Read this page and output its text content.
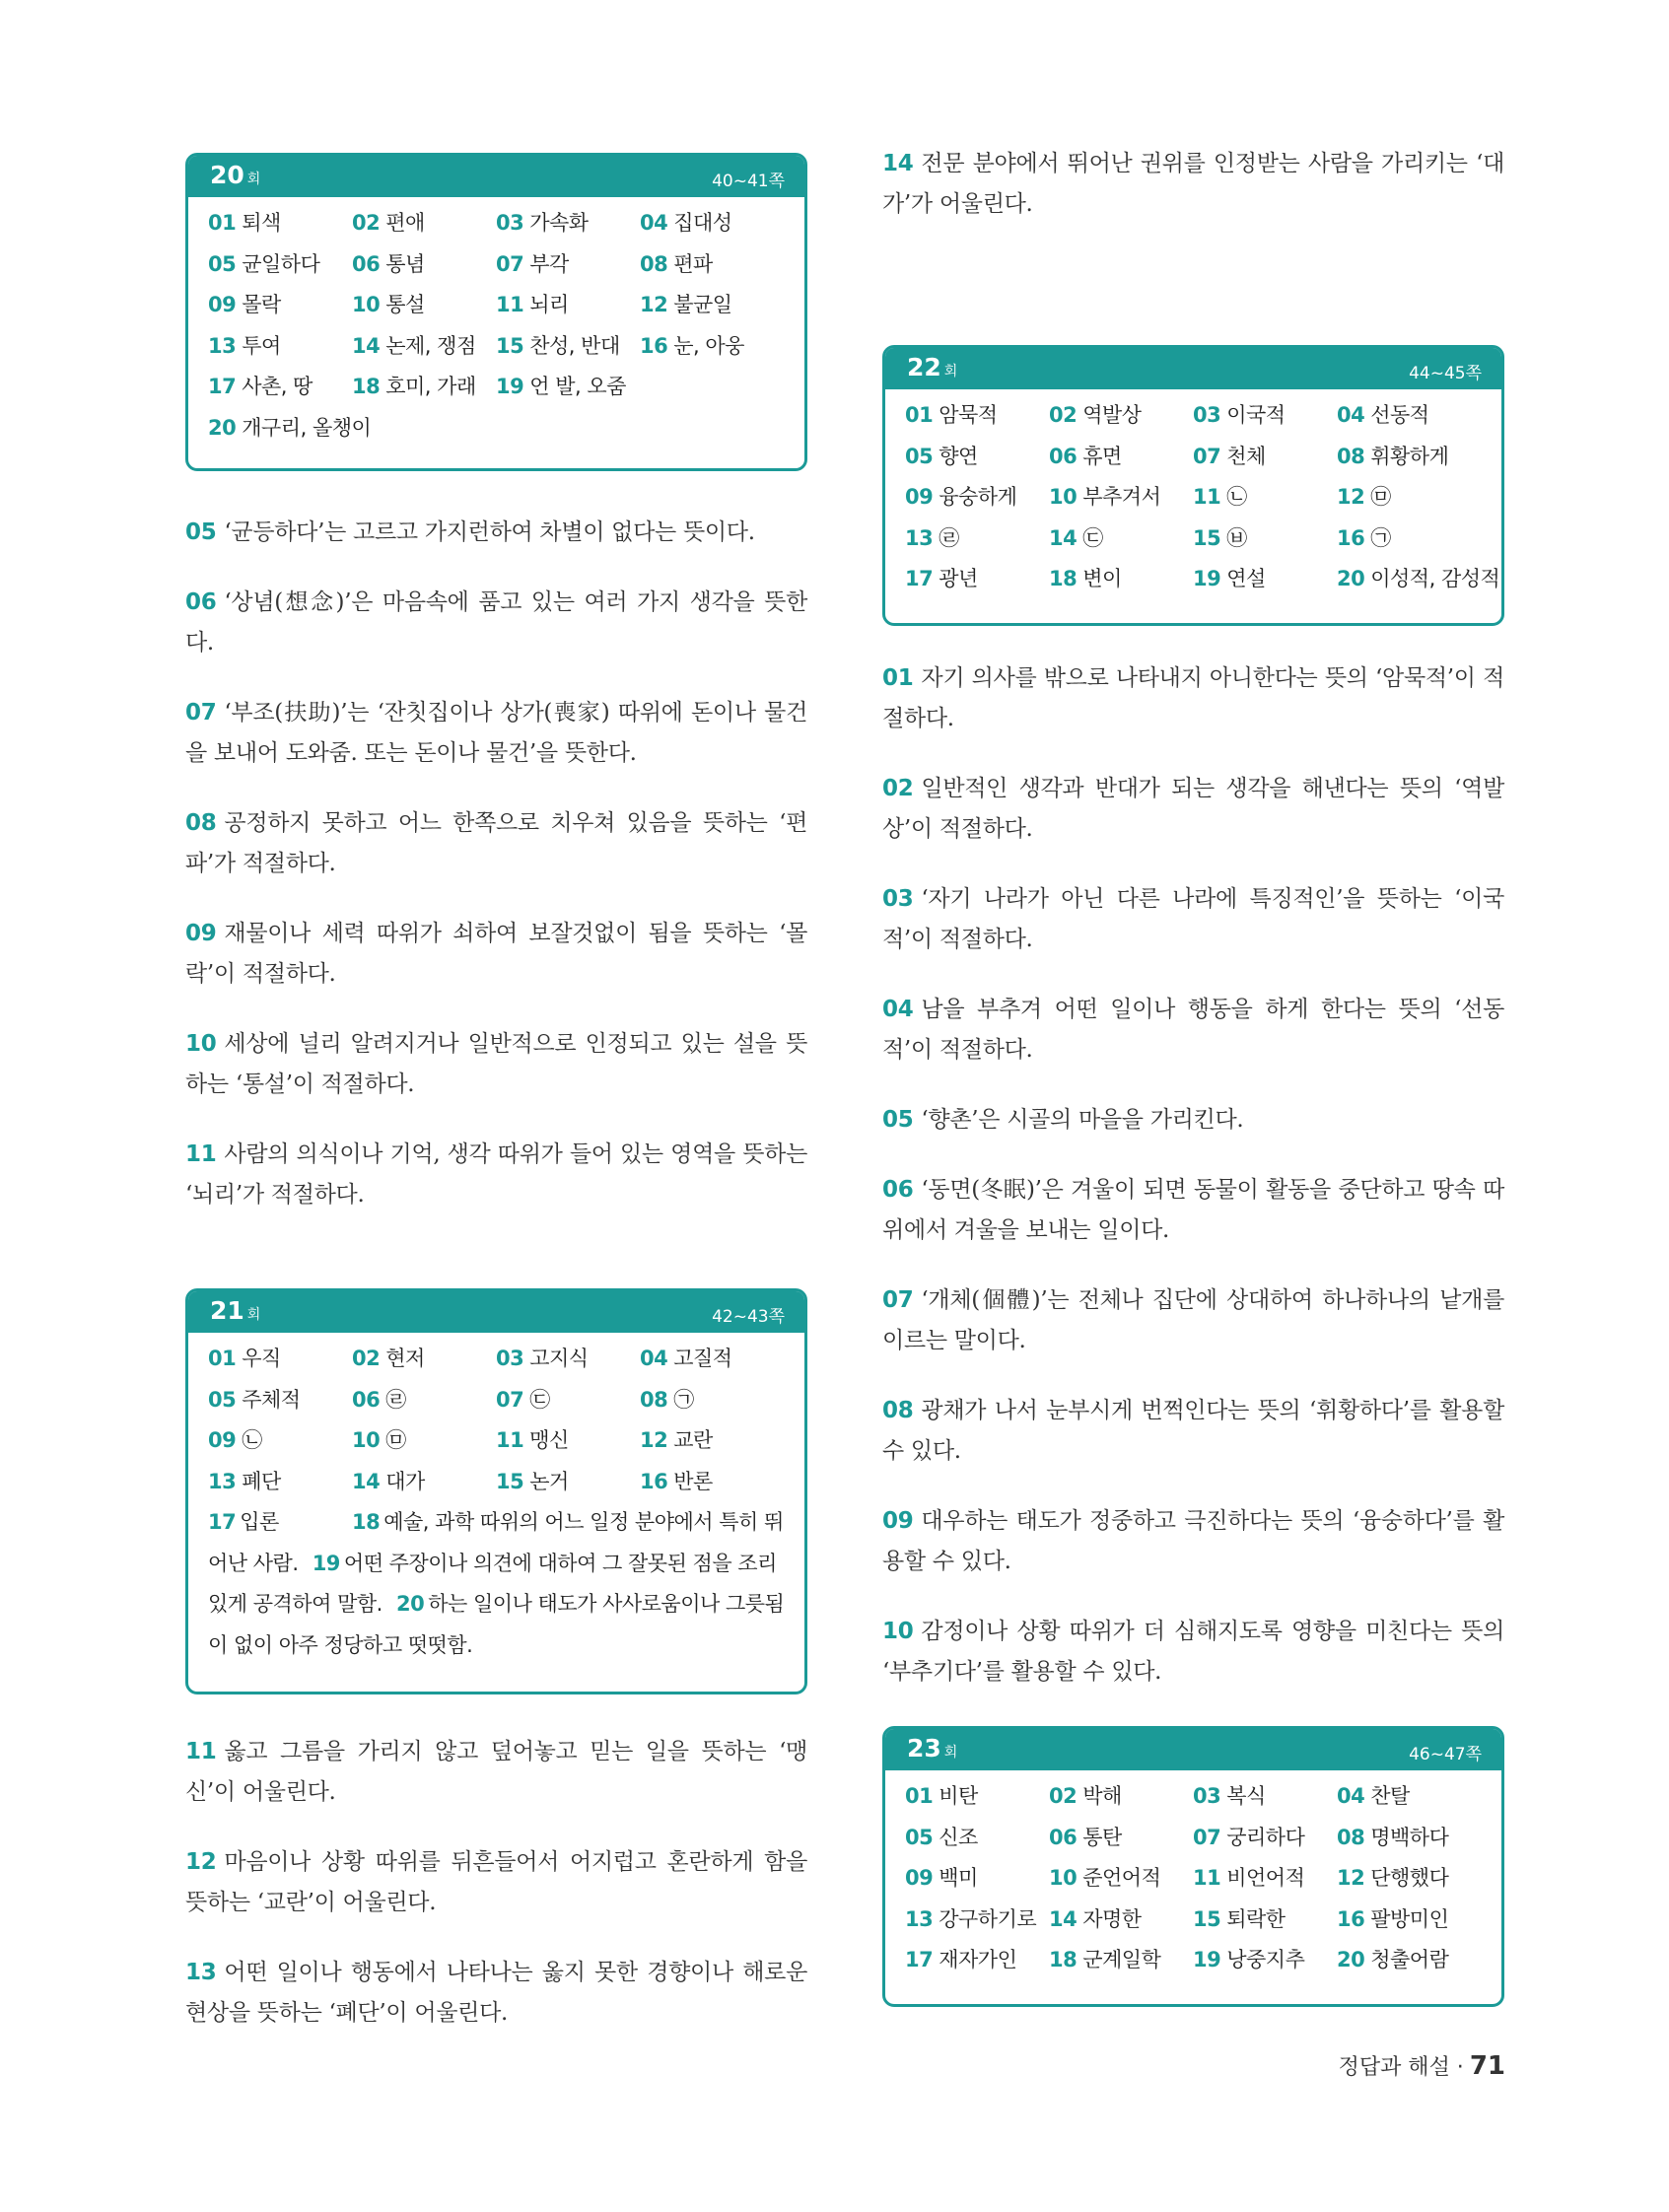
20 회	40~41쪽
01 퇴색	02 편애	03 가속화	04 집대성
05 균일하다	06 통념	07 부각	08 편파
09 몰락	10 통설	11 뇌리	12 불균일
13 투여	14 논제, 쟁점 15 찬성, 반대 16 눈, 아웅
17 사촌, 땅	18 호미, 가래 19 언 발, 오줌
20 개구리, 올챙이

05 ‘균등하다’는 고르고 가지런하여 차별이 없다는 뜻이다.

06 ‘상념(想念)’은 마음속에 품고 있는 여러 가지 생각을 뜻한다.

07 ‘부조(扶助)’는 ‘잔칫집이나 상가(喪家) 따위에 돈이나 물건을 보내어 도와줌. 또는 돈이나 물건’을 뜻한다.

08 공정하지 못하고 어느 한쪽으로 치우쳐 있음을 뜻하는 ‘편파’가 적절하다.

09 재물이나 세력 따위가 쇠하여 보잘것없이 됨을 뜻하는 ‘몰락’이 적절하다.

10 세상에 널리 알려지거나 일반적으로 인정되고 있는 설을 뜻하는 ‘통설’이 적절하다.

11 사람의 의식이나 기억, 생각 따위가 들어 있는 영역을 뜻하는 ‘뇌리’가 적절하다.

21 회	42~43쪽
01 우직	02 현저	03 고지식	04 고질적
05 주체적	06 ㉣	07 ㉢	08 ㉠
09 ㉡	10 ㉤	11 맹신	12 교란
13 폐단	14 대가	15 논거	16 반론
17 입론	18 예술, 과학 따위의 어느 일정 분야에서 특히 뛰어난 사람. 19 어떤 주장이나 의견에 대하여 그 잘못된 점을 조리 있게 공격하여 말함. 20 하는 일이나 태도가 사사로움이나 그릇됨이 없이 아주 정당하고 떳떳함.

11 옳고 그름을 가리지 않고 덮어놓고 믿는 일을 뜻하는 ‘맹신’이 어울린다.

12 마음이나 상황 따위를 뒤흔들어서 어지럽고 혼란하게 함을 뜻하는 ‘교란’이 어울린다.

13 어떤 일이나 행동에서 나타나는 옳지 못한 경향이나 해로운 현상을 뜻하는 ‘폐단’이 어울린다.

14 전문 분야에서 뛰어난 권위를 인정받는 사람을 가리키는 ‘대가’가 어울린다.

22 회	44~45쪽
01 암묵적	02 역발상	03 이국적	04 선동적
05 향연	06 휴면	07 천체	08 휘황하게
09 융숭하게	10 부추겨서	11 ㉡	12 ㉤
13 ㉣	14 ㉢	15 ㉥	16 ㉠
17 광년	18 변이	19 연설	20 이성적, 감성적

01 자기 의사를 밖으로 나타내지 아니한다는 뜻의 ‘암묵적’이 적절하다.

02 일반적인 생각과 반대가 되는 생각을 해낸다는 뜻의 ‘역발상’이 적절하다.

03 ‘자기 나라가 아닌 다른 나라에 특징적인’을 뜻하는 ‘이국적’이 적절하다.

04 남을 부추겨 어떤 일이나 행동을 하게 한다는 뜻의 ‘선동적’이 적절하다.

05 ‘향촌’은 시골의 마을을 가리킨다.

06 ‘동면(冬眠)’은 겨울이 되면 동물이 활동을 중단하고 땅속 따위에서 겨울을 보내는 일이다.

07 ‘개체(個體)’는 전체나 집단에 상대하여 하나하나의 낱개를 이르는 말이다.

08 광채가 나서 눈부시게 번쩍인다는 뜻의 ‘휘황하다’를 활용할 수 있다.

09 대우하는 태도가 정중하고 극진하다는 뜻의 ‘융숭하다’를 활용할 수 있다.

10 감정이나 상황 따위가 더 심해지도록 영향을 미친다는 뜻의 ‘부추기다’를 활용할 수 있다.

23 회	46~47쪽
01 비탄	02 박해	03 복식	04 찬탈
05 신조	06 통탄	07 궁리하다	08 명백하다
09 백미	10 준언어적	11 비언어적	12 단행했다
13 강구하기로 14 자명한	15 퇴락한	16 팔방미인
17 재자가인	18 군계일학	19 낭중지추	20 청출어람
정답과 해설 · 71
